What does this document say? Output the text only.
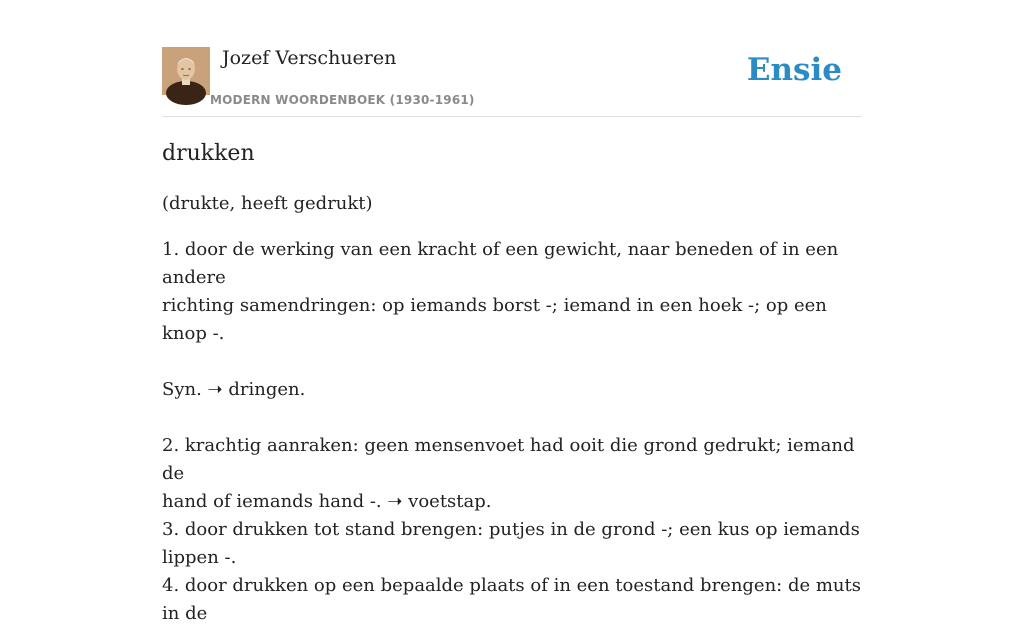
Jozef Verschueren
MODERN WOORDENBOEK (1930-1961)
Ensie
drukken
(drukte, heeft gedrukt)
1. door de werking van een kracht of een gewicht, naar beneden of in een andere
richting samendringen: op iemands borst -; iemand in een hoek -; op een knop -.
Syn. ➝ dringen.
2. krachtig aanraken: geen mensenvoet had ooit die grond gedrukt; iemand de
hand of iemands hand -. ➝ voetstap.
3. door drukken tot stand brengen: putjes in de grond -; een kus op iemands
lippen -.
4. door drukken op een bepaalde plaats of in een toestand brengen: de muts in de
